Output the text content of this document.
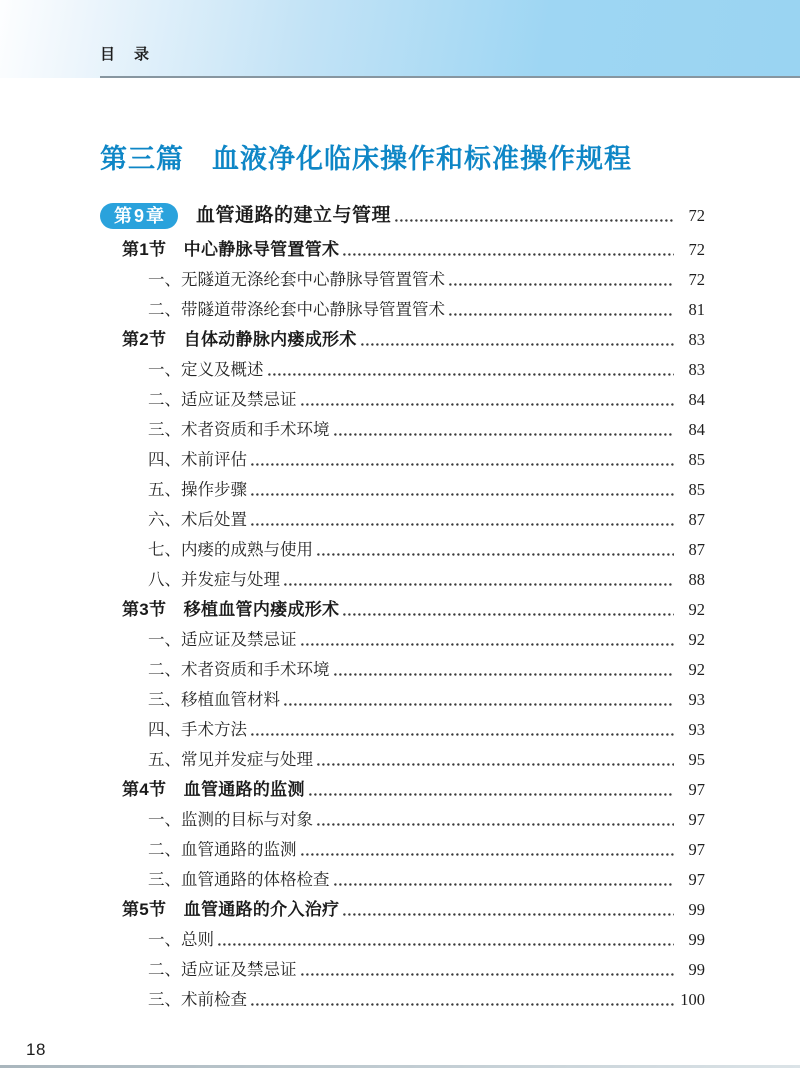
目　录
第三篇　血液净化临床操作和标准操作规程
第9章	血管通路的建立与管理	72
第1节　中心静脉导管置管术	72
一、无隧道无涤纶套中心静脉导管置管术	72
二、带隧道带涤纶套中心静脉导管置管术	81
第2节　自体动静脉内瘘成形术	83
一、定义及概述	83
二、适应证及禁忌证	84
三、术者资质和手术环境	84
四、术前评估	85
五、操作步骤	85
六、术后处置	87
七、内瘘的成熟与使用	87
八、并发症与处理	88
第3节　移植血管内瘘成形术	92
一、适应证及禁忌证	92
二、术者资质和手术环境	92
三、移植血管材料	93
四、手术方法	93
五、常见并发症与处理	95
第4节　血管通路的监测	97
一、监测的目标与对象	97
二、血管通路的监测	97
三、血管通路的体格检查	97
第5节　血管通路的介入治疗	99
一、总则	99
二、适应证及禁忌证	99
三、术前检查	100
18
